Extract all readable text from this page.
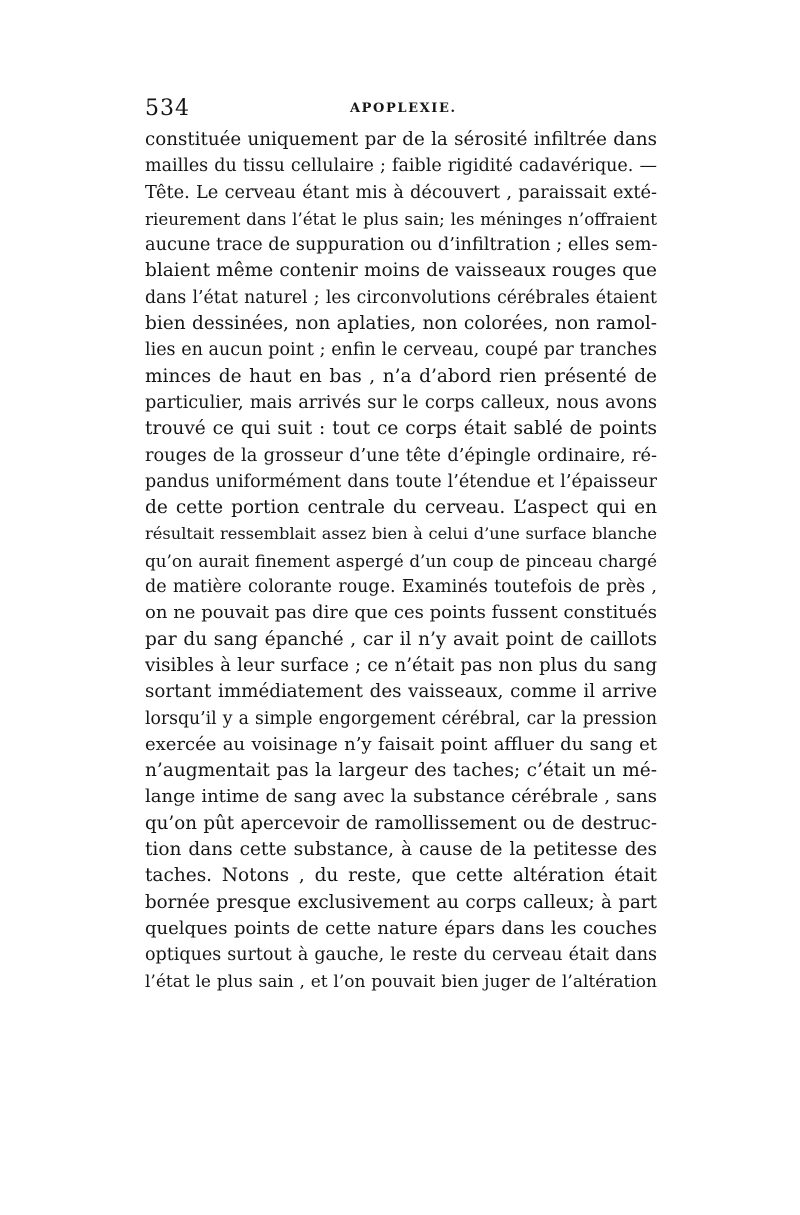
534	APOPLEXIE.
constituée uniquement par de la sérosité infiltrée dans
mailles du tissu cellulaire ; faible rigidité cadavérique. —
Tête. Le cerveau étant mis à découvert , paraissait exté-
rieurement dans l’état le plus sain; les méninges n’offraient
aucune trace de suppuration ou d’infiltration ; elles sem-
blaient même contenir moins de vaisseaux rouges que
dans l’état naturel ; les circonvolutions cérébrales étaient
bien dessinées, non aplaties, non colorées, non ramol-
lies en aucun point ; enfin le cerveau, coupé par tranches
minces de haut en bas , n’a d’abord rien présenté de
particulier, mais arrivés sur le corps calleux, nous avons
trouvé ce qui suit : tout ce corps était sablé de points
rouges de la grosseur d’une tête d’épingle ordinaire, ré-
pandus uniformément dans toute l’étendue et l’épaisseur
de cette portion centrale du cerveau. L’aspect qui en
résultait ressemblait assez bien à celui d’une surface blanche
qu’on aurait finement aspergé d’un coup de pinceau chargé
de matière colorante rouge. Examinés toutefois de près ,
on ne pouvait pas dire que ces points fussent constitués
par du sang épanché , car il n’y avait point de caillots
visibles à leur surface ; ce n’était pas non plus du sang
sortant immédiatement des vaisseaux, comme il arrive
lorsqu’il y a simple engorgement cérébral, car la pression
exercée au voisinage n’y faisait point affluer du sang et
n’augmentait pas la largeur des taches; c’était un mé-
lange intime de sang avec la substance cérébrale , sans
qu’on pût apercevoir de ramollissement ou de destruc-
tion dans cette substance, à cause de la petitesse des
taches. Notons , du reste, que cette altération était
bornée presque exclusivement au corps calleux; à part
quelques points de cette nature épars dans les couches
optiques surtout à gauche, le reste du cerveau était dans
l’état le plus sain , et l’on pouvait bien juger de l’altération
